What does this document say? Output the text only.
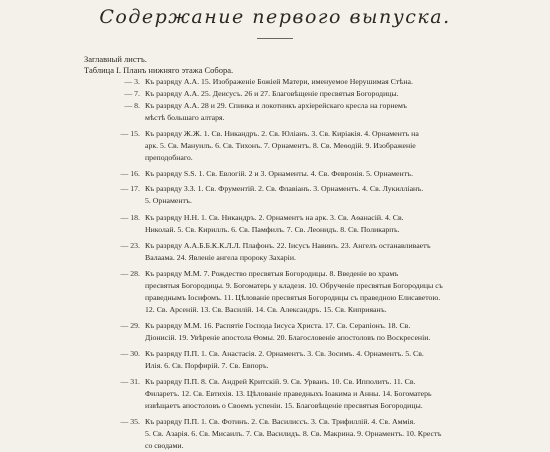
Содержание первого выпуска.
Заглавный листъ.
Таблица I. Планъ нижняго этажа Собора.
— 3. Къ разряду А.А. 15. Изображеніе Божіей Матери, именуемое Нерушимая Стѣна.

— 7. Къ разряду А.А. 25. Деисусъ. 26 и 27. Благовѣщеніе пресвятыя Богородицы.

— 8. Къ разряду А.А. 28 и 29. Спинка и локотникъ архіерейскаго кресла на горнемъ

мѣстѣ большаго алтаря.

— 15. Къ разряду Ж.Ж. 1. Св. Никандръ. 2. Св. Юліанъ. 3. Св. Киріакія. 4. Орнаментъ на

арк. 5. Св. Мануилъ. 6. Св. Тихонъ. 7. Орнаментъ. 8. Св. Меѳодій. 9. Изображеніе

преподобнаго.

— 16. Къ разряду S.S. 1. Св. Евлогій. 2 и 3. Орнаменты. 4. Св. Февронія. 5. Орнаментъ.

— 17. Къ разряду З.З. 1. Св. Фрументій. 2. Св. Флавіанъ. 3. Орнаментъ. 4. Св. Лукилліанъ.

5. Орнаментъ.

— 18. Къ разряду Н.Н. 1. Св. Никандръ. 2. Орнаментъ на арк. 3. Св. Аѳанасій. 4. Св.

Николай. 5. Св. Кириллъ. 6. Св. Памфилъ. 7. Св. Леонидъ. 8. Св. Поликарпъ.

— 23. Къ разряду А.А.Б.Б.К.К.Л.Л. Плафонъ. 22. Іисусъ Навинъ. 23. Ангелъ останавливаетъ

Валаама. 24. Явленіе ангела пророку Захаріи.

— 28. Къ разряду М.М. 7. Рождество пресвятыя Богородицы. 8. Введеніе во храмъ

пресвятыя Богородицы. 9. Богоматерь у кладезя. 10. Обрученіе пресвятыя Богородицы съ

праведнымъ Іосифомъ. 11. Цѣлованіе пресвятыя Богородицы съ праведною Елисаветою.

12. Св. Арсеній. 13. Св. Василій. 14. Св. Александръ. 15. Св. Киприяанъ.

— 29. Къ разряду М.М. 16. Распятіе Господа Іисуса Христа. 17. Св. Серапіонъ. 18. Св.

Діонисій. 19. Увѣреніе апостола Ѳомы. 20. Благословеніе апостоловъ по Воскресеніи.

— 30. Къ разряду П.П. 1. Св. Анастасія. 2. Орнаментъ. 3. Св. Зосимъ. 4. Орнаментъ. 5. Св.

Илія. 6. Св. Порфирій. 7. Св. Евпоръ.

— 31. Къ разряду П.П. 8. Св. Андрей Критскій. 9. Св. Урванъ. 10. Св. Ипполитъ. 11. Св.

Филаретъ. 12. Св. Евтихія. 13. Цѣлованіе праведныхъ Іоакима и Анны. 14. Богоматерь

извѣщаетъ апостоловъ о Своемъ успеніи. 15. Благовѣщеніе пресвятыя Богородицы.

— 35. Къ разряду П.П. 1. Св. Фотинъ. 2. Св. Василиссъ. 3. Св. Трифиллій. 4. Св. Аммія.

5. Св. Азарія. 6. Св. Мисаилъ. 7. Св. Василидъ. 8. Св. Макрина. 9. Орнаментъ. 10. Крестъ

со сводами.
